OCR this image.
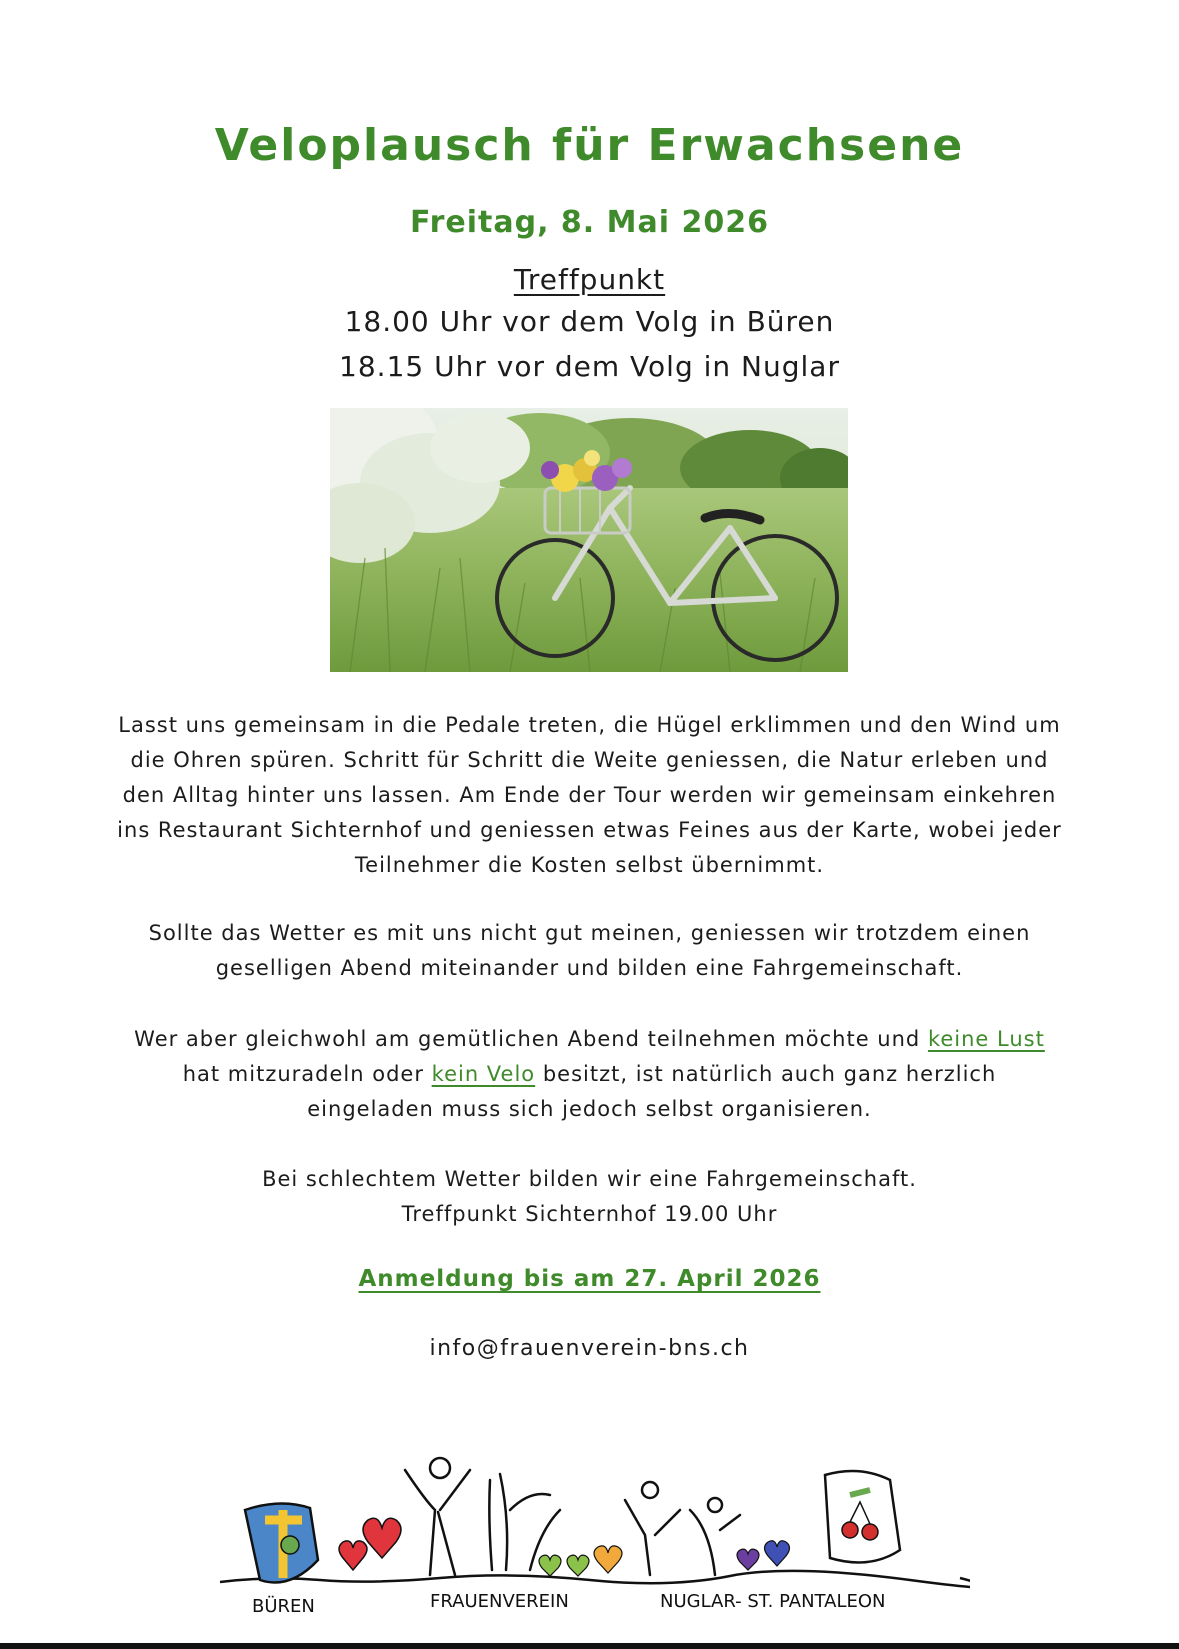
Veloplausch für Erwachsene
Freitag, 8. Mai 2026
Treffpunkt
18.00 Uhr vor dem Volg in Büren
18.15 Uhr vor dem Volg in Nuglar

Lasst uns gemeinsam in die Pedale treten, die Hügel erklimmen und den Wind um

die Ohren spüren. Schritt für Schritt die Weite geniessen, die Natur erleben und

den Alltag hinter uns lassen. Am Ende der Tour werden wir gemeinsam einkehren

ins Restaurant Sichternhof und geniessen etwas Feines aus der Karte, wobei jeder

Teilnehmer die Kosten selbst übernimmt.

Sollte das Wetter es mit uns nicht gut meinen, geniessen wir trotzdem einen

geselligen Abend miteinander und bilden eine Fahrgemeinschaft.

Wer aber gleichwohl am gemütlichen Abend teilnehmen möchte und keine Lust

hat mitzuradeln oder kein Velo besitzt, ist natürlich auch ganz herzlich

eingeladen muss sich jedoch selbst organisieren.

Bei schlechtem Wetter bilden wir eine Fahrgemeinschaft.

Treffpunkt Sichternhof 19.00 Uhr

Anmeldung bis am 27. April 2026
info@frauenverein-bns.ch
BÜREN	FRAUENVEREIN	NUGLAR- ST. PANTALEON
